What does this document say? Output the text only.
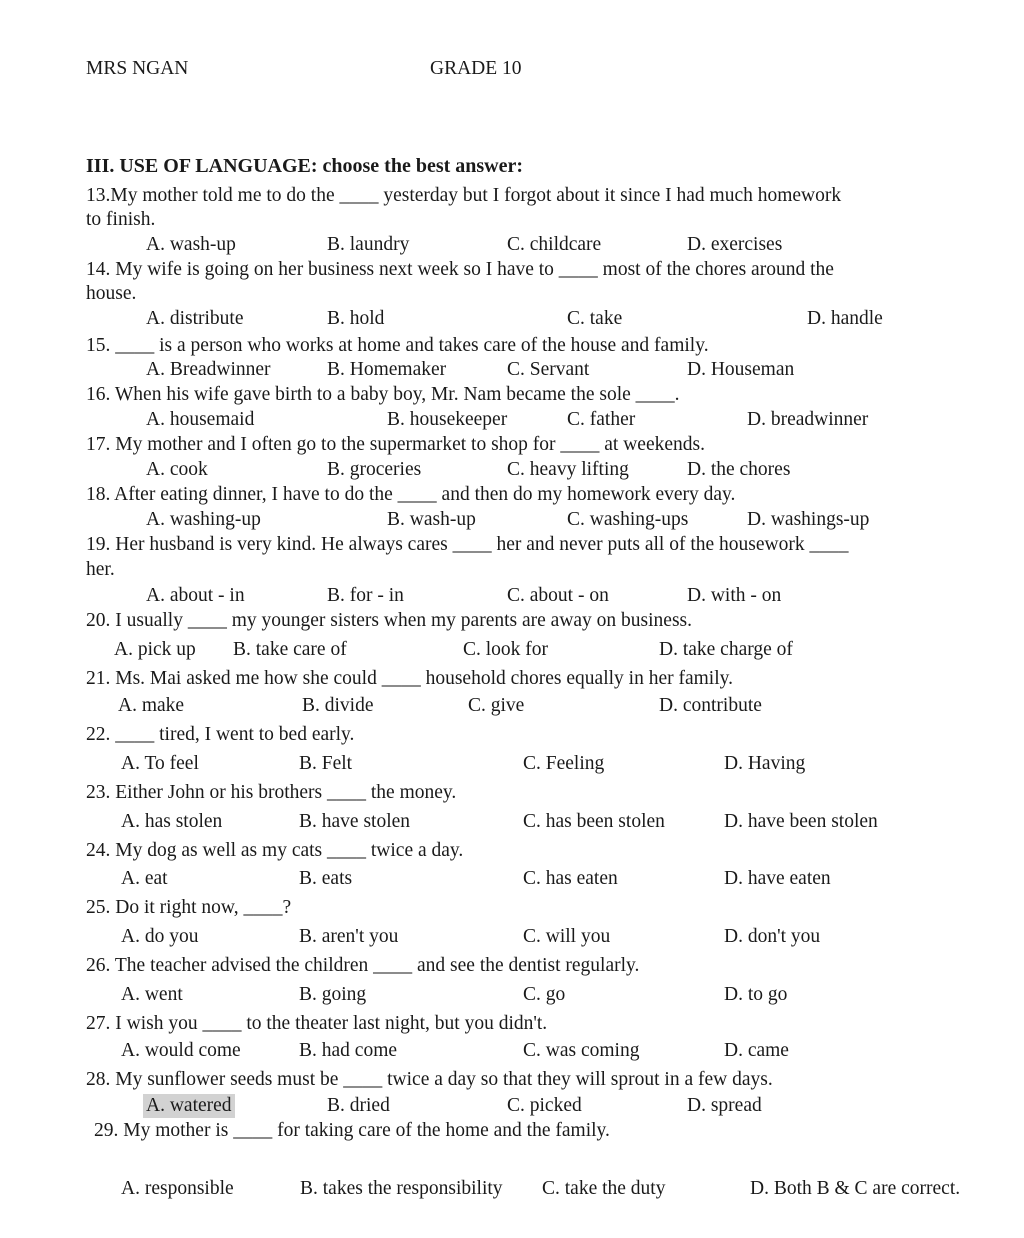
MRS NGAN	GRADE 10
III. USE OF LANGUAGE: choose the best answer:
13.My mother told me to do the ____ yesterday but I forgot about it since I had much homework
to finish.
A. wash-up	B. laundry	C. childcare	D. exercises
14. My wife is going on her business next week so I have to ____ most of the chores around the
house.
A. distribute	B. hold	C. take	D. handle
15. ____ is a person who works at home and takes care of the house and family.
A. Breadwinner	B. Homemaker	C. Servant	D. Houseman
16. When his wife gave birth to a baby boy, Mr. Nam became the sole ____.
A. housemaid	B. housekeeper	C. father	D. breadwinner
17. My mother and I often go to the supermarket to shop for ____ at weekends.
A. cook	B. groceries	C. heavy lifting	D. the chores
18. After eating dinner, I have to do the ____ and then do my homework every day.
A. washing-up	B. wash-up	C. washing-ups	D. washings-up
19. Her husband is very kind. He always cares ____ her and never puts all of the housework ____
her.
A. about - in	B. for - in	C. about - on	D. with - on
20. I usually ____ my younger sisters when my parents are away on business.
A. pick up B. take care of	C. look for	D. take charge of
21. Ms. Mai asked me how she could ____ household chores equally in her family.
A. make	B. divide	C. give	D. contribute
22. ____ tired, I went to bed early.
A. To feel	B. Felt	C. Feeling	D. Having
23. Either John or his brothers ____ the money.
A. has stolen	B. have stolen	C. has been stolen	D. have been stolen
24. My dog as well as my cats ____ twice a day.
A. eat	B. eats	C. has eaten	D. have eaten
25. Do it right now, ____?
A. do you	B. aren't you	C. will you	D. don't you
26. The teacher advised the children ____ and see the dentist regularly.
A. went	B. going	C. go	D. to go
27. I wish you ____ to the theater last night, but you didn't.
A. would come	B. had come	C. was coming	D. came
28. My sunflower seeds must be ____ twice a day so that they will sprout in a few days.
A. watered	B. dried	C. picked	D. spread
29. My mother is ____ for taking care of the home and the family.
A. responsible	B. takes the responsibility C. take the duty	D. Both B & C are correct.
